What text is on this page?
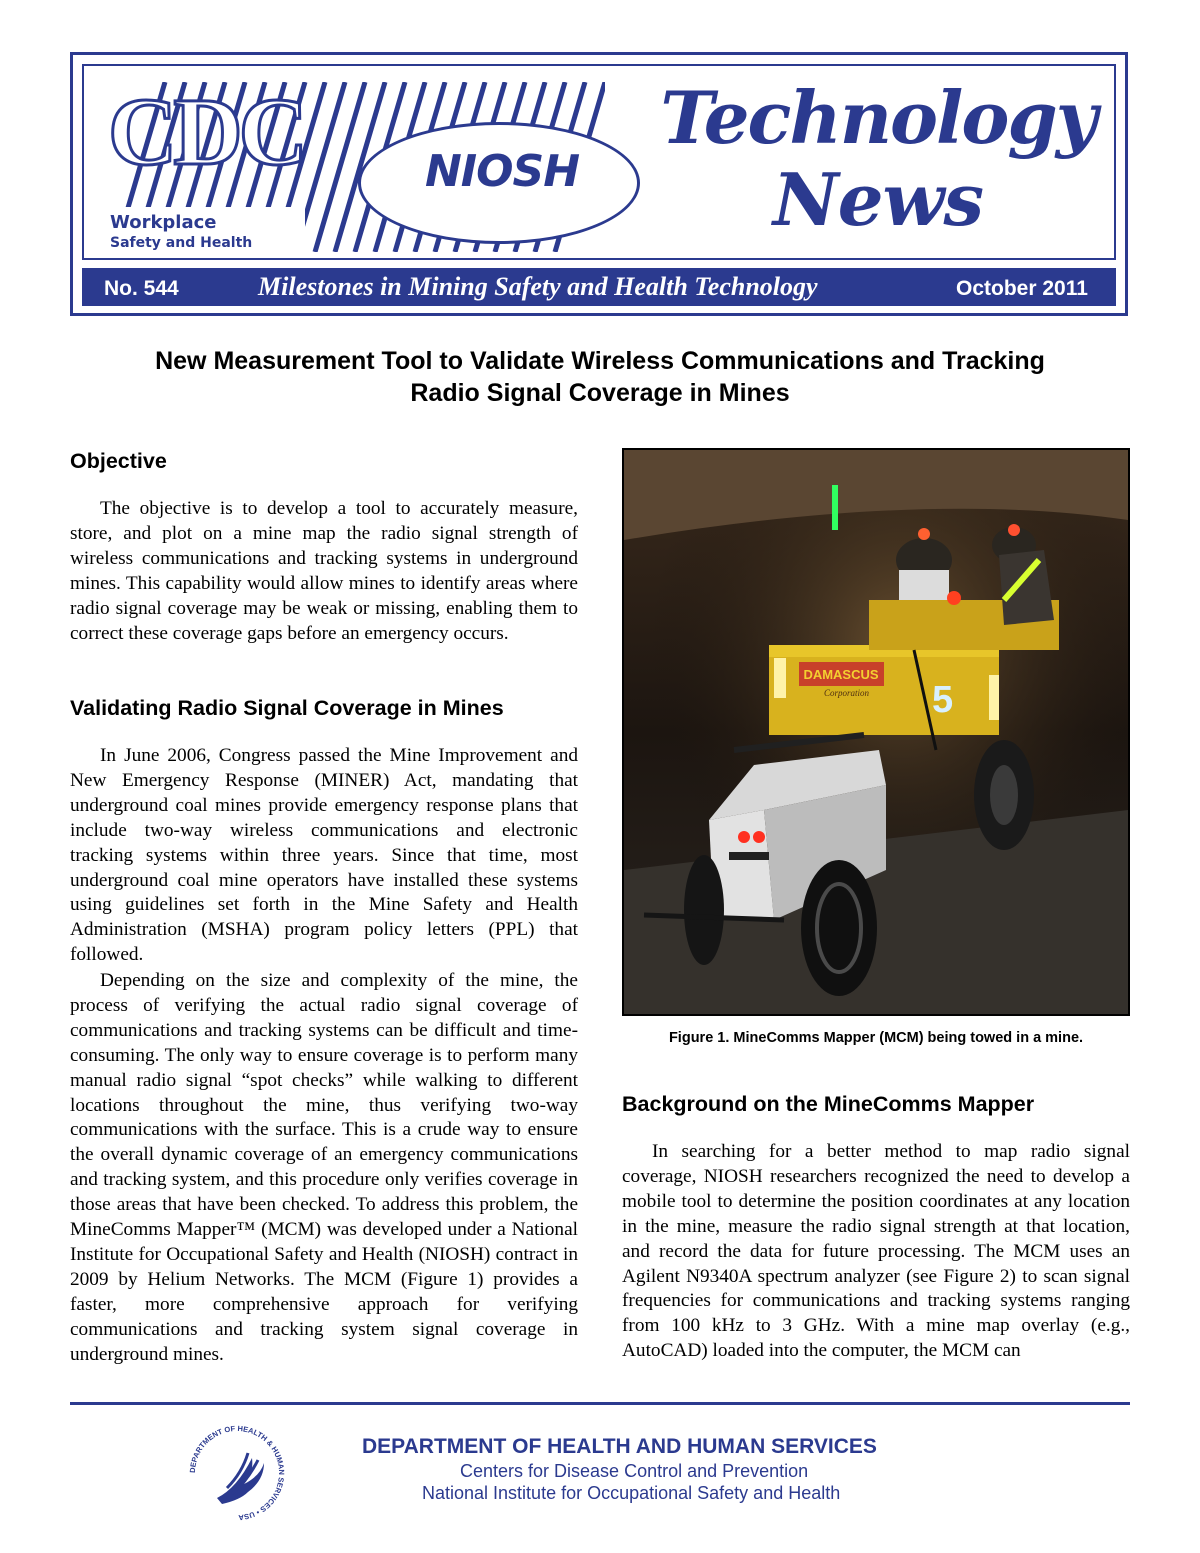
CDC
Workplace
Safety and Health
NIOSH
Technology
News
No. 544	Milestones in Mining Safety and Health Technology	October 2011
New Measurement Tool to Validate Wireless Communications and Tracking
Radio Signal Coverage in Mines
Objective

The objective is to develop a tool to accurately measure, store, and plot on a mine map the radio signal strength of wireless communications and tracking systems in underground mines. This capability would allow mines to identify areas where radio signal coverage may be weak or missing, enabling them to correct these coverage gaps before an emergency occurs.

Validating Radio Signal Coverage in Mines

In June 2006, Congress passed the Mine Improvement and New Emergency Response (MINER) Act, mandating that underground coal mines provide emergency response plans that include two-way wireless communications and electronic tracking systems within three years. Since that time, most underground coal mine operators have installed these systems using guidelines set forth in the Mine Safety and Health Administration (MSHA) program policy letters (PPL) that followed.

Depending on the size and complexity of the mine, the process of verifying the actual radio signal coverage of communications and tracking systems can be difficult and time-consuming. The only way to ensure coverage is to perform many manual radio signal “spot checks” while walking to different locations throughout the mine, thus verifying two-way communications with the surface. This is a crude way to ensure the overall dynamic coverage of an emergency communications and tracking system, and this procedure only verifies coverage in those areas that have been checked. To address this problem, the MineComms Mapper™ (MCM) was developed under a National Institute for Occupational Safety and Health (NIOSH) contract in 2009 by Helium Networks. The MCM (Figure 1) provides a faster, more comprehensive approach for verifying communications and tracking system signal coverage in underground mines.

DAMASCUS
Corporation 5
Figure 1. MineComms Mapper (MCM) being towed in a mine.
Background on the MineComms Mapper

In searching for a better method to map radio signal coverage, NIOSH researchers recognized the need to develop a mobile tool to determine the position coordinates at any location in the mine, measure the radio signal strength at that location, and record the data for future processing. The MCM uses an Agilent N9340A spectrum analyzer (see Figure 2) to scan signal frequencies for communications and tracking systems ranging from 100 kHz to 3 GHz. With a mine map overlay (e.g., AutoCAD) loaded into the computer, the MCM can

DEPARTMENT OF HEALTH & HUMAN SERVICES • USA
DEPARTMENT OF HEALTH AND HUMAN SERVICES
Centers for Disease Control and Prevention
National Institute for Occupational Safety and Health
